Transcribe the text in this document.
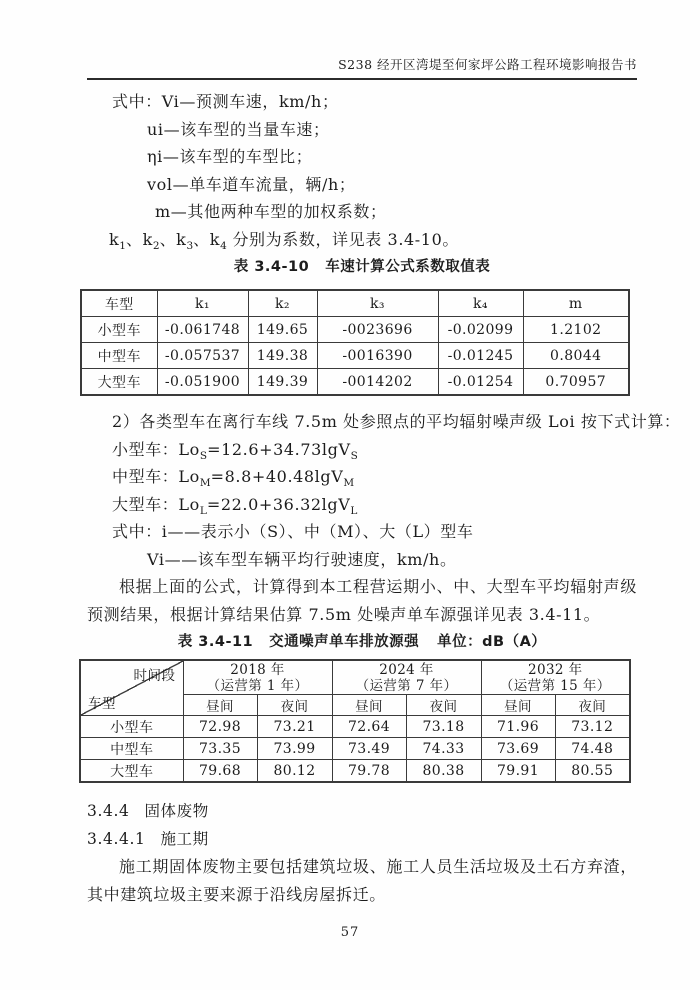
S238 经开区湾堤至何家坪公路工程环境影响报告书
式中：Vi—预测车速，km/h；
ui—该车型的当量车速；
ηi—该车型的车型比；
vol—单车道车流量，辆/h；
m—其他两种车型的加权系数；
$k_1$、$k_2$、$k_3$、$k_4$ 分别为系数，详见表 3.4-10。
表 3.4-10 车速计算公式系数取值表
车型	k₁	k₂	k₃	k₄	m
小型车	-0.061748	149.65	-0023696	-0.02099	1.2102
中型车	-0.057537	149.38	-0016390	-0.01245	0.8044
大型车	-0.051900	149.39	-0014202	-0.01254	0.70957
2）各类型车在离行车线 7.5m 处参照点的平均辐射噪声级 Loi 按下式计算：
小型车：$Lo_S=12.6+34.73\lg V_S$
中型车：$Lo_M=8.8+40.48\lg V_M$
大型车：$Lo_L=22.0+36.32\lg V_L$
式中：i——表示小（S）、中（M）、大（L）型车
Vi——该车型车辆平均行驶速度，km/h。

根据上面的公式，计算得到本工程营运期小、中、大型车平均辐射声级预测结果，根据计算结果估算 7.5m 处噪声单车源强详见表 3.4-11。

表 3.4-11 交通噪声单车排放源强 单位：dB（A）
时间段
车型

2018 年
（运营第 1 年）

2024 年
（运营第 7 年）

2032 年
（运营第 15 年）

	昼间	夜间	昼间	夜间	昼间	夜间
小型车	72.98	73.21	72.64	73.18	71.96	73.12
中型车	73.35	73.99	73.49	74.33	73.69	74.48
大型车	79.68	80.12	79.78	80.38	79.91	80.55
3.4.4 固体废物
3.4.4.1 施工期

施工期固体废物主要包括建筑垃圾、施工人员生活垃圾及土石方弃渣，其中建筑垃圾主要来源于沿线房屋拆迁。

57
